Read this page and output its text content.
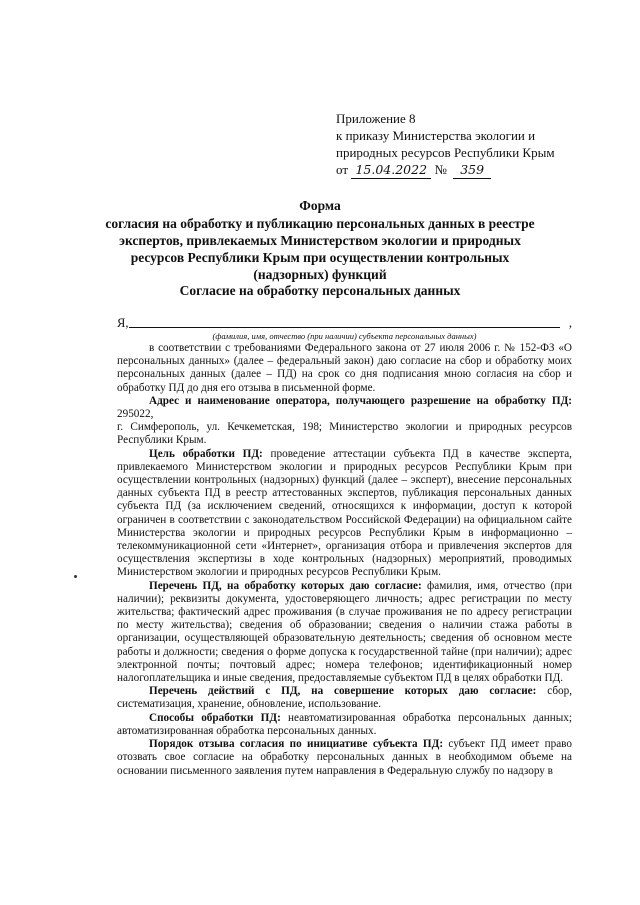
Приложение 8
к приказу Министерства экологии и
природных ресурсов Республики Крым
от 15.04.2022 № 359
Форма
согласия на обработку и публикацию персональных данных в реестре экспертов, привлекаемых Министерством экологии и природных ресурсов Республики Крым при осуществлении контрольных (надзорных) функций
Согласие на обработку персональных данных
Я,	,
(фамилия, имя, отчество (при наличии) субъекта персональных данных)

в соответствии с требованиями Федерального закона от 27 июля 2006 г. № 152-ФЗ «О персональных данных» (далее – федеральный закон) даю согласие на сбор и обработку моих персональных данных (далее – ПД) на срок со дня подписания мною согласия на сбор и обработку ПД до дня его отзыва в письменной форме.

Адрес и наименование оператора, получающего разрешение на обработку ПД: 295022,

г. Симферополь, ул. Кечкеметская, 198; Министерство экологии и природных ресурсов Республики Крым.

Цель обработки ПД: проведение аттестации субъекта ПД в качестве эксперта, привлекаемого Министерством экологии и природных ресурсов Республики Крым при осуществлении контрольных (надзорных) функций (далее – эксперт), внесение персональных данных субъекта ПД в реестр аттестованных экспертов, публикация персональных данных субъекта ПД (за исключением сведений, относящихся к информации, доступ к которой ограничен в соответствии с законодательством Российской Федерации) на официальном сайте Министерства экологии и природных ресурсов Республики Крым в информационно – телекоммуникационной сети «Интернет», организация отбора и привлечения экспертов для осуществления экспертизы в ходе контрольных (надзорных) мероприятий, проводимых Министерством экологии и природных ресурсов Республики Крым.

Перечень ПД, на обработку которых даю согласие: фамилия, имя, отчество (при наличии); реквизиты документа, удостоверяющего личность; адрес регистрации по месту жительства; фактический адрес проживания (в случае проживания не по адресу регистрации по месту жительства); сведения об образовании; сведения о наличии стажа работы в организации, осуществляющей образовательную деятельность; сведения об основном месте работы и должности; сведения о форме допуска к государственной тайне (при наличии); адрес электронной почты; почтовый адрес; номера телефонов; идентификационный номер налогоплательщика и иные сведения, предоставляемые субъектом ПД в целях обработки ПД.

Перечень действий с ПД, на совершение которых даю согласие: сбор, систематизация, хранение, обновление, использование.

Способы обработки ПД: неавтоматизированная обработка персональных данных; автоматизированная обработка персональных данных.

Порядок отзыва согласия по инициативе субъекта ПД: субъект ПД имеет право отозвать свое согласие на обработку персональных данных в необходимом объеме на основании письменного заявления путем направления в Федеральную службу по надзору в
